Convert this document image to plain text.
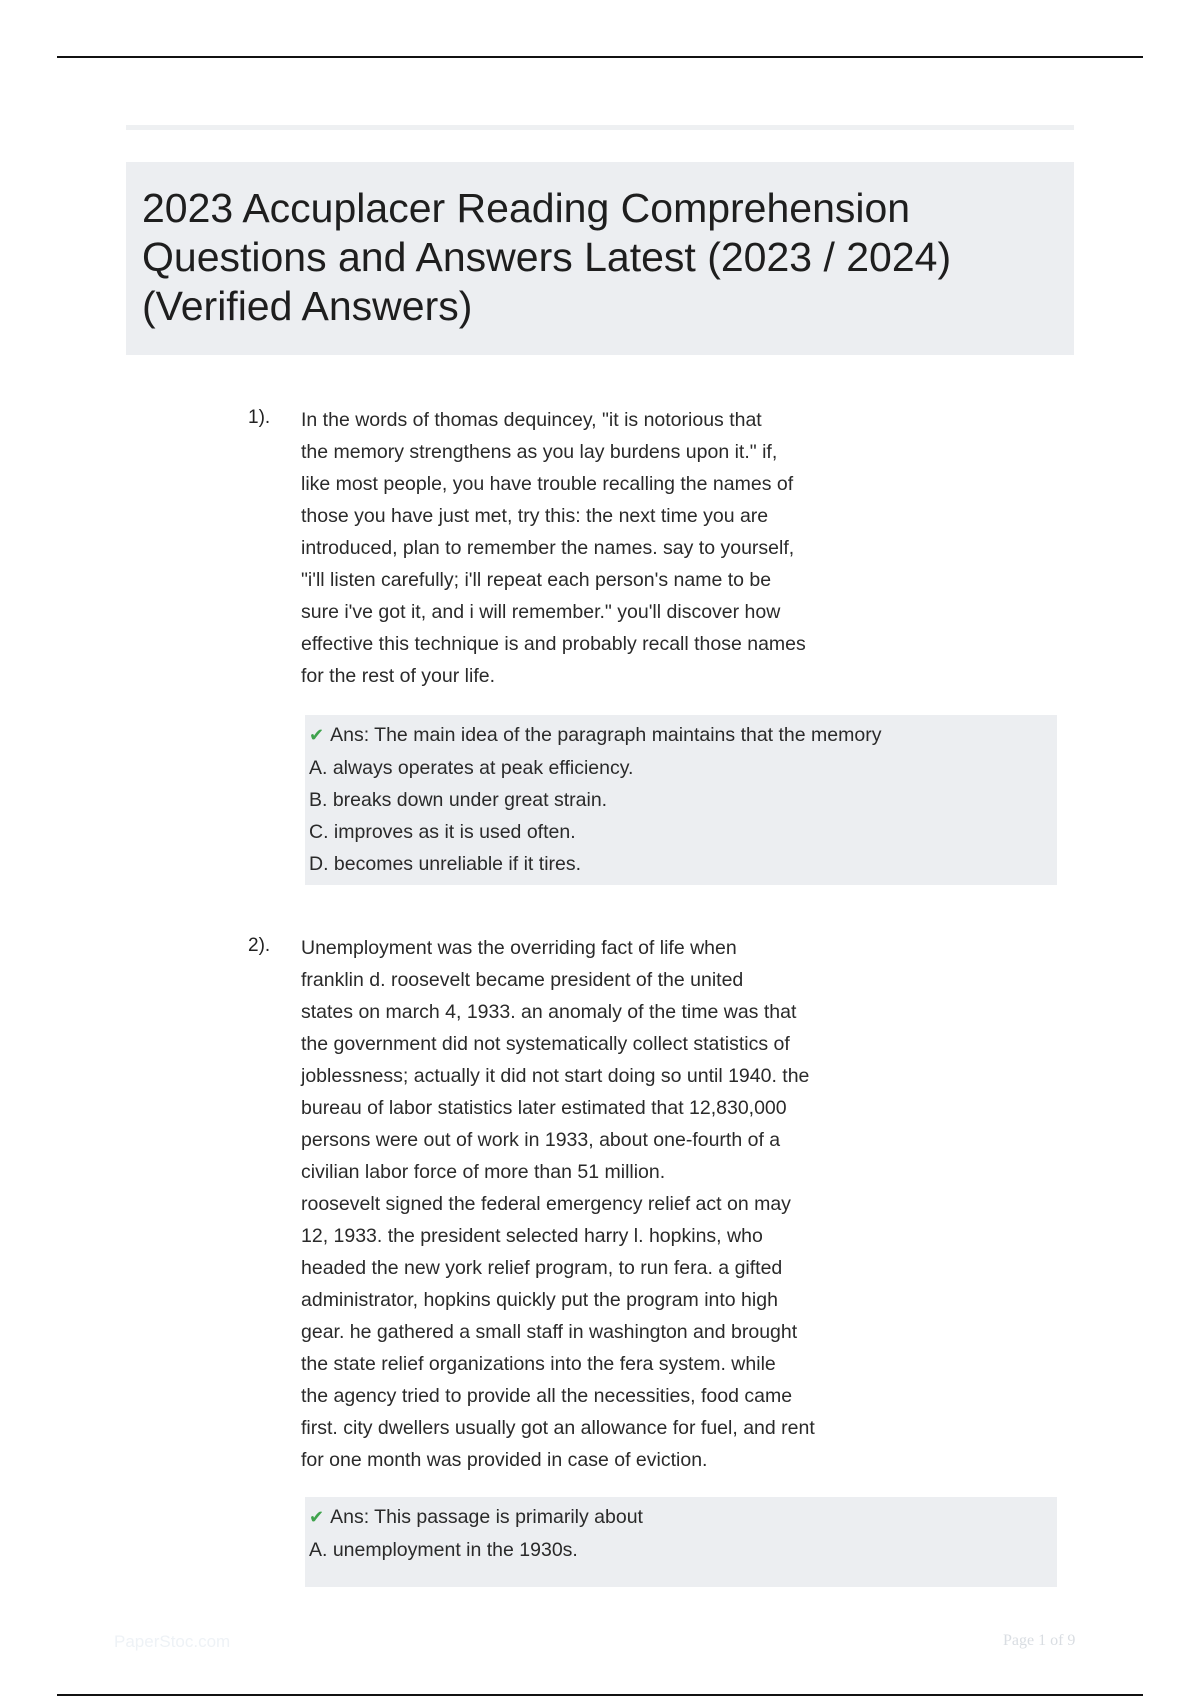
2023 Accuplacer Reading Comprehension
Questions and Answers Latest (2023 / 2024)
(Verified Answers)
1). In the words of thomas dequincey, "it is notorious that
the memory strengthens as you lay burdens upon it." if,
like most people, you have trouble recalling the names of
those you have just met, try this: the next time you are
introduced, plan to remember the names. say to yourself,
"i'll listen carefully; i'll repeat each person's name to be
sure i've got it, and i will remember." you'll discover how
effective this technique is and probably recall those names
for the rest of your life.
✔ Ans: The main idea of the paragraph maintains that the memory
A. always operates at peak efficiency.
B. breaks down under great strain.
C. improves as it is used often.
D. becomes unreliable if it tires.
2). Unemployment was the overriding fact of life when
franklin d. roosevelt became president of the united
states on march 4, 1933. an anomaly of the time was that
the government did not systematically collect statistics of
joblessness; actually it did not start doing so until 1940. the
bureau of labor statistics later estimated that 12,830,000
persons were out of work in 1933, about one-fourth of a
civilian labor force of more than 51 million.
roosevelt signed the federal emergency relief act on may
12, 1933. the president selected harry l. hopkins, who
headed the new york relief program, to run fera. a gifted
administrator, hopkins quickly put the program into high
gear. he gathered a small staff in washington and brought
the state relief organizations into the fera system. while
the agency tried to provide all the necessities, food came
first. city dwellers usually got an allowance for fuel, and rent
for one month was provided in case of eviction.
✔ Ans: This passage is primarily about
A. unemployment in the 1930s.
PaperStoc.com	Page 1 of 9
